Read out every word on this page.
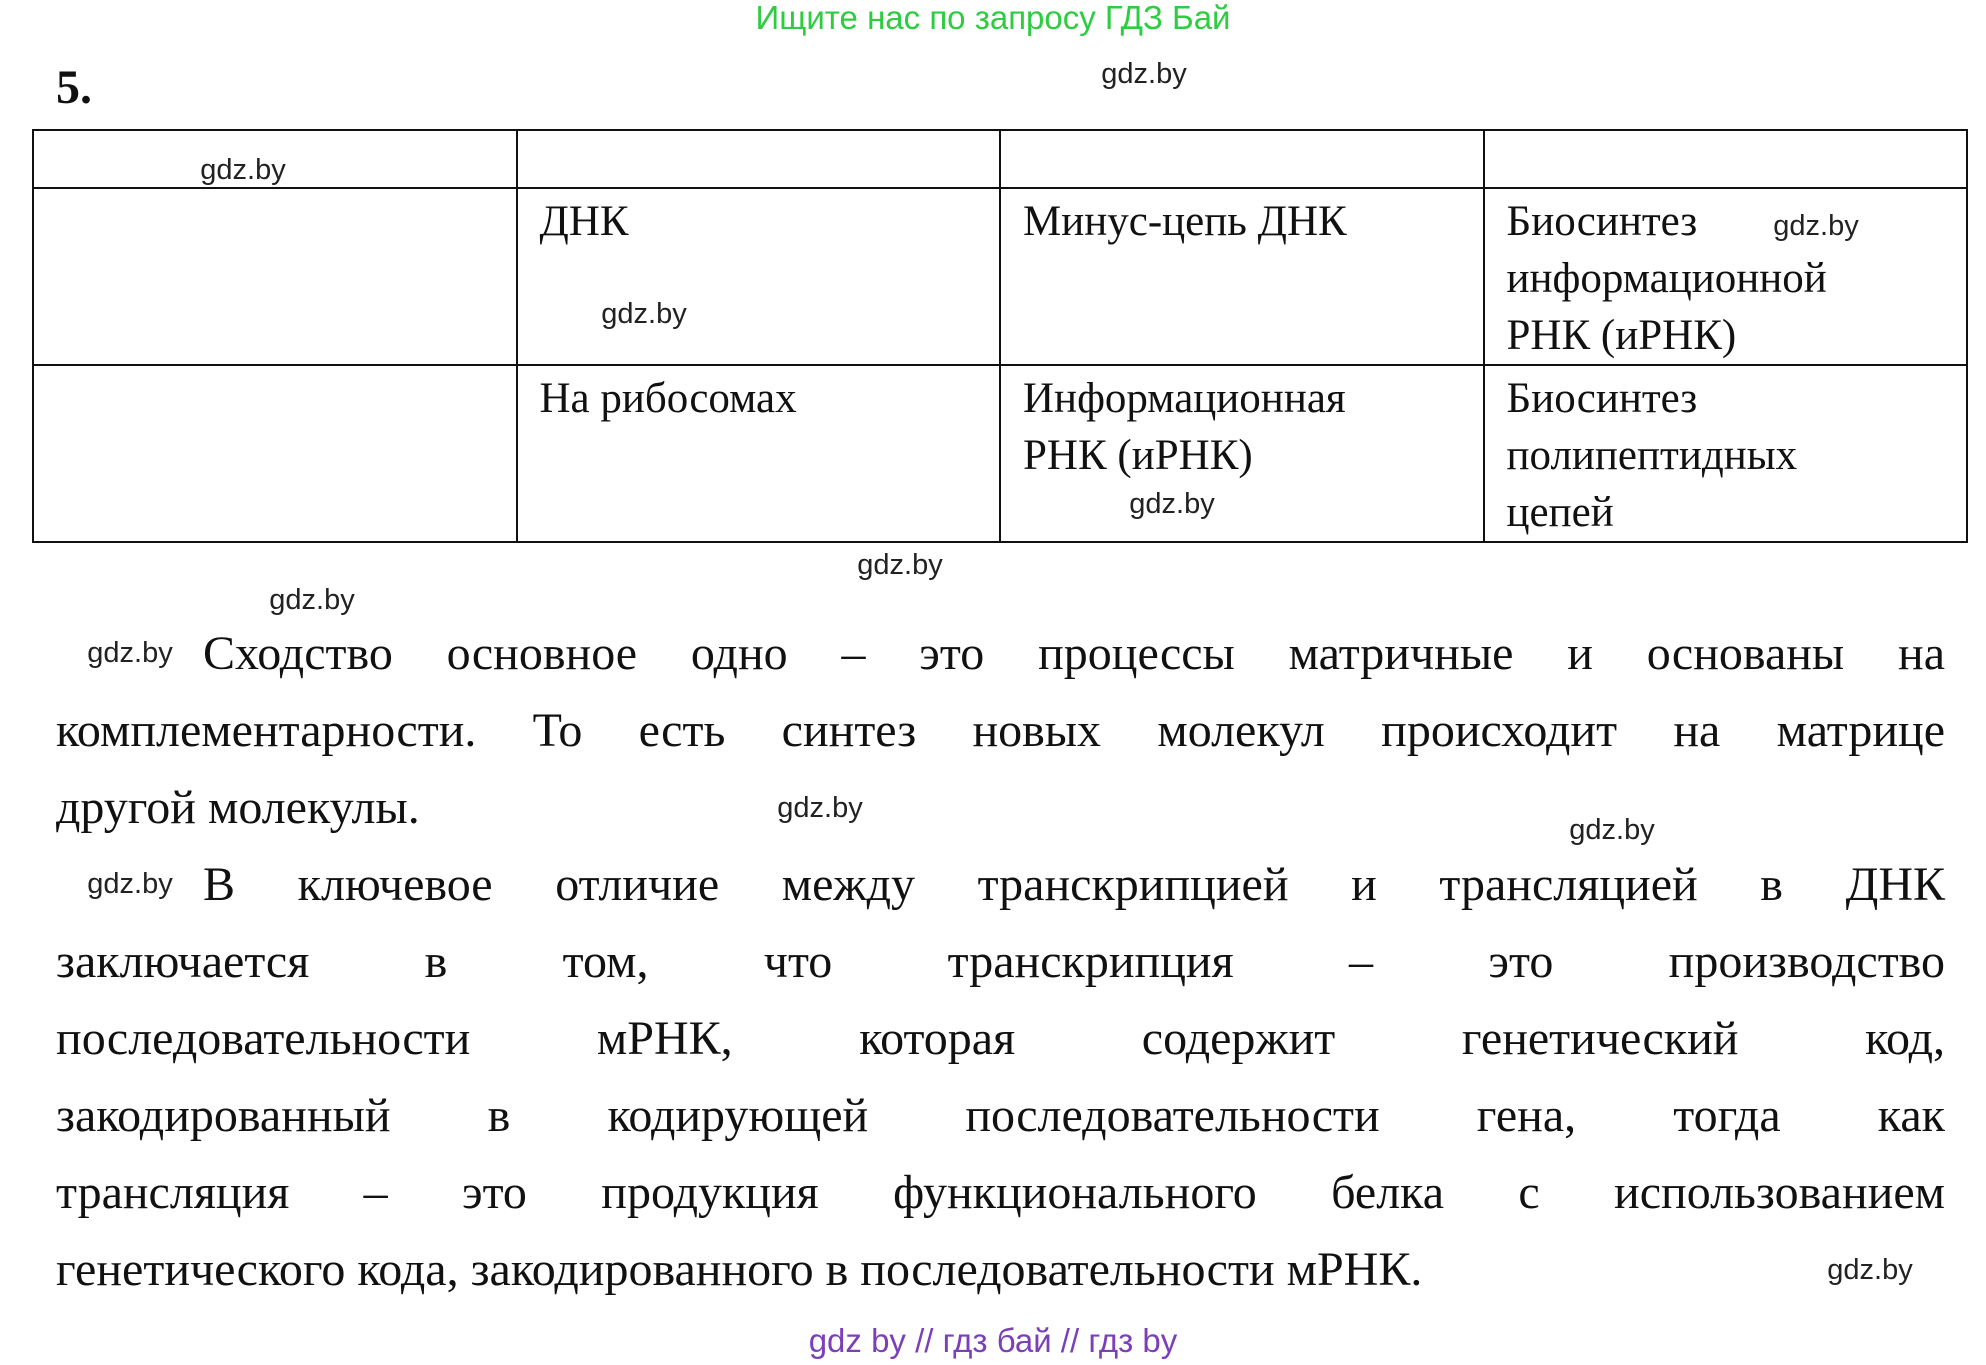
Ищите нас по запросу ГДЗ Бай
5.

	ДНК	Минус-цепь ДНК	Биосинтез информационной РНК (иРНК)
	На рибосомах	Информационная РНК (иРНК)	Биосинтез полипептидных цепей
Сходство основное одно – это процессы матричные и основаны на
комплементарности. То есть синтез новых молекул происходит на матрице
другой молекулы.
В ключевое отличие между транскрипцией и трансляцией в ДНК
заключается в том, что транскрипция – это производство
последовательности мРНК, которая содержит генетический код,
закодированный в кодирующей последовательности гена, тогда как
трансляция – это продукция функционального белка с использованием
генетического кода, закодированного в последовательности мРНК.
gdz.by
gdz.by
gdz.by
gdz.by
gdz.by
gdz.by
gdz.by
gdz.by
gdz.by
gdz.by
gdz.by
gdz.by
gdz by // гдз бай // гдз by
